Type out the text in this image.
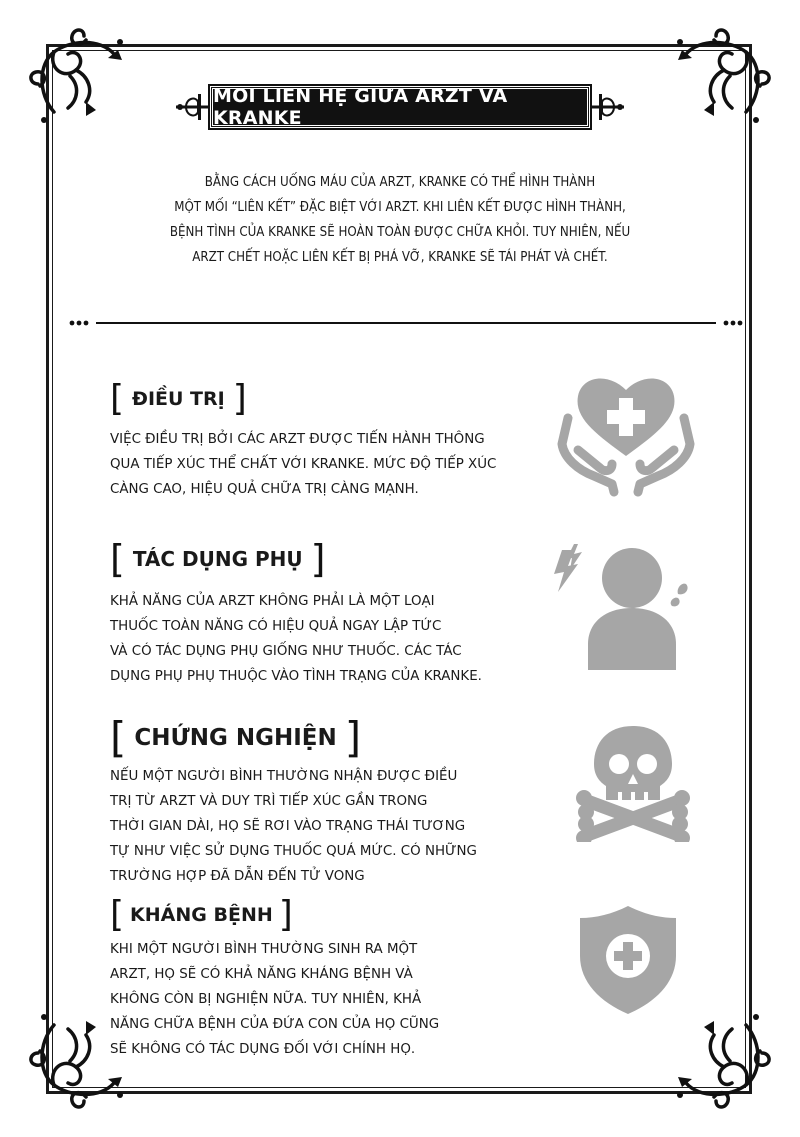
MỐI LIÊN HỆ GIỮA ARZT VÀ KRANKE
BẰNG CÁCH UỐNG MÁU CỦA ARZT, KRANKE CÓ THỂ HÌNH THÀNH
MỘT MỐI “LIÊN KẾT” ĐẶC BIỆT VỚI ARZT. KHI LIÊN KẾT ĐƯỢC HÌNH THÀNH,
BỆNH TÌNH CỦA KRANKE SẼ HOÀN TOÀN ĐƯỢC CHỮA KHỎI. TUY NHIÊN, NẾU
ARZT CHẾT HOẶC LIÊN KẾT BỊ PHÁ VỠ, KRANKE SẼ TÁI PHÁT VÀ CHẾT.
[ ĐIỀU TRỊ ]
VIỆC ĐIỀU TRỊ BỞI CÁC ARZT ĐƯỢC TIẾN HÀNH THÔNG
QUA TIẾP XÚC THỂ CHẤT VỚI KRANKE. MỨC ĐỘ TIẾP XÚC
CÀNG CAO, HIỆU QUẢ CHỮA TRỊ CÀNG MẠNH.
[ TÁC DỤNG PHỤ ]
KHẢ NĂNG CỦA ARZT KHÔNG PHẢI LÀ MỘT LOẠI
THUỐC TOÀN NĂNG CÓ HIỆU QUẢ NGAY LẬP TỨC
VÀ CÓ TÁC DỤNG PHỤ GIỐNG NHƯ THUỐC. CÁC TÁC
DỤNG PHỤ PHỤ THUỘC VÀO TÌNH TRẠNG CỦA KRANKE.
[ CHỨNG NGHIỆN ]
NẾU MỘT NGƯỜI BÌNH THƯỜNG NHẬN ĐƯỢC ĐIỀU
TRỊ TỪ ARZT VÀ DUY TRÌ TIẾP XÚC GẦN TRONG
THỜI GIAN DÀI, HỌ SẼ RƠI VÀO TRẠNG THÁI TƯƠNG
TỰ NHƯ VIỆC SỬ DỤNG THUỐC QUÁ MỨC. CÓ NHỮNG
TRƯỜNG HỢP ĐÃ DẪN ĐẾN TỬ VONG
[ KHÁNG BỆNH ]
KHI MỘT NGƯỜI BÌNH THƯỜNG SINH RA MỘT
ARZT, HỌ SẼ CÓ KHẢ NĂNG KHÁNG BỆNH VÀ
KHÔNG CÒN BỊ NGHIỆN NỮA. TUY NHIÊN, KHẢ
NĂNG CHỮA BỆNH CỦA ĐỨA CON CỦA HỌ CŨNG
SẼ KHÔNG CÓ TÁC DỤNG ĐỐI VỚI CHÍNH HỌ.
